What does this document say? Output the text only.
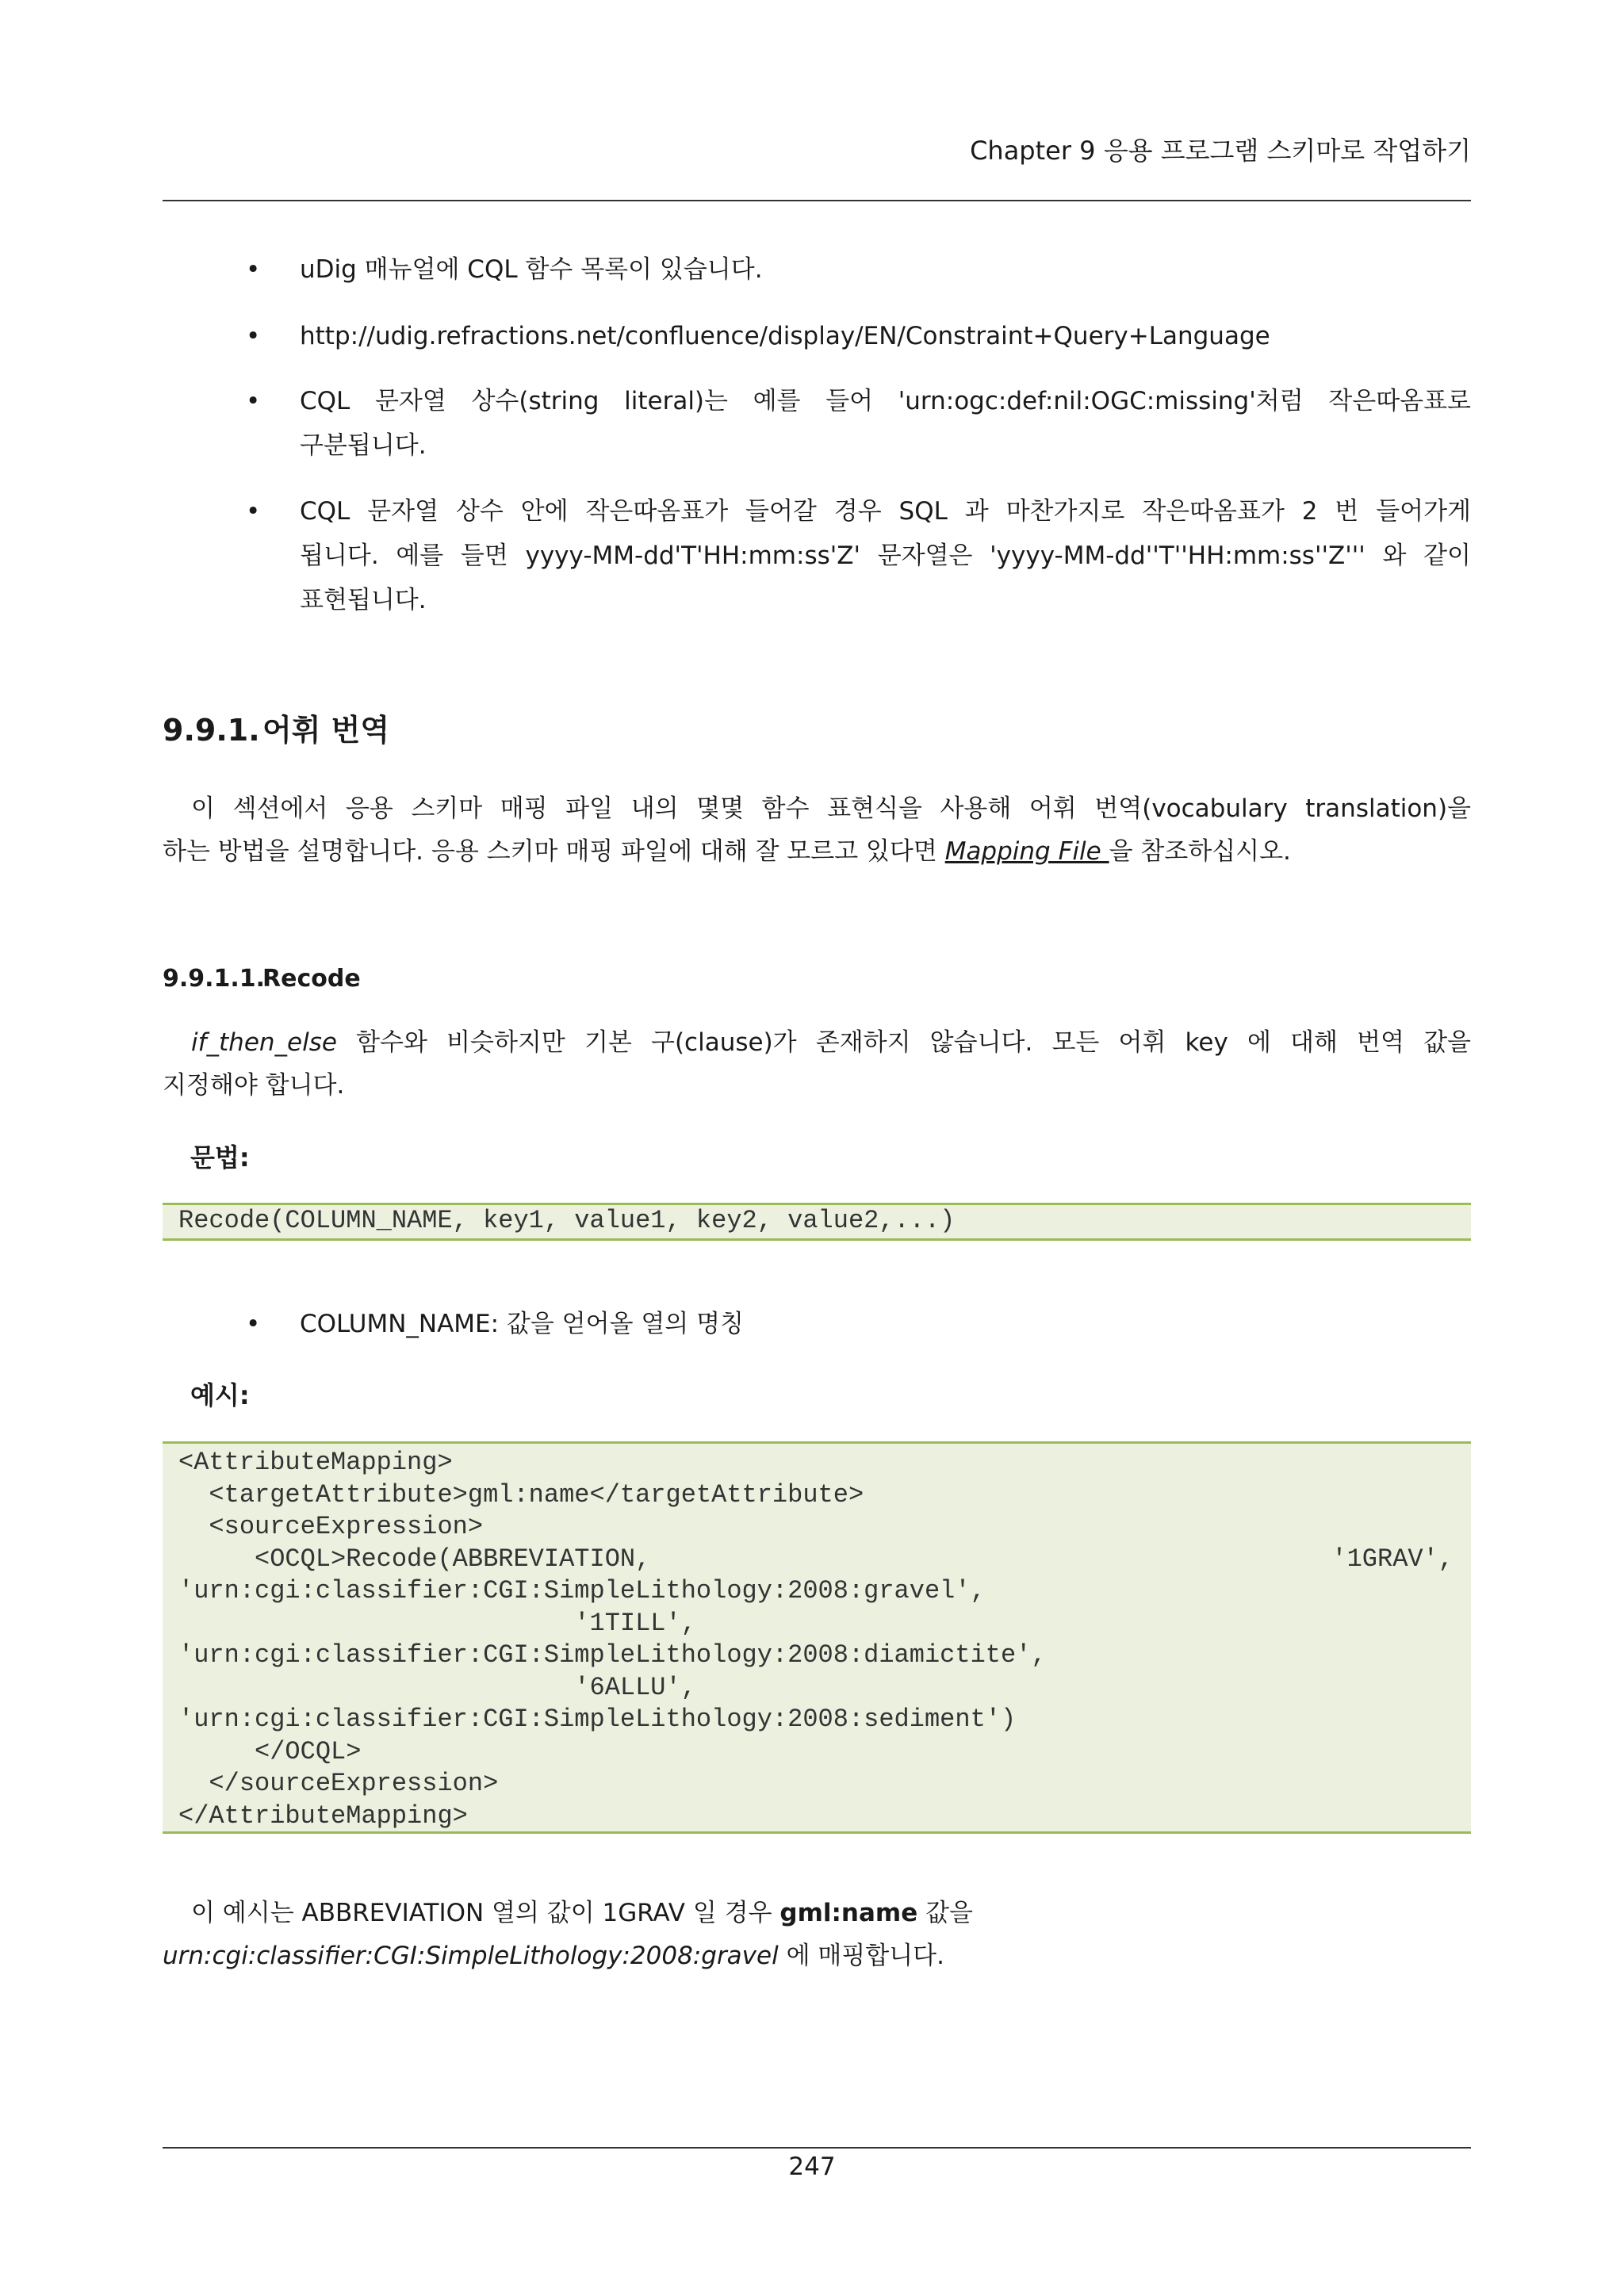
Chapter 9 응용 프로그램 스키마로 작업하기
• uDig 매뉴얼에 CQL 함수 목록이 있습니다.
• http://udig.refractions.net/confluence/display/EN/Constraint+Query+Language
• CQL 문자열 상수(string literal)는 예를 들어 'urn:ogc:def:nil:OGC:missing'처럼 작은따옴표로
구분됩니다.
• CQL 문자열 상수 안에 작은따옴표가 들어갈 경우 SQL 과 마찬가지로 작은따옴표가 2 번 들어가게
됩니다. 예를 들면 yyyy-MM-dd'T'HH:mm:ss'Z' 문자열은 'yyyy-MM-dd''T''HH:mm:ss''Z''' 와 같이
표현됩니다.
9.9.1.어휘 번역
이 섹션에서 응용 스키마 매핑 파일 내의 몇몇 함수 표현식을 사용해 어휘 번역(vocabulary translation)을
하는 방법을 설명합니다. 응용 스키마 매핑 파일에 대해 잘 모르고 있다면 Mapping File 을 참조하십시오.
9.9.1.1.Recode
if_then_else 함수와 비슷하지만 기본 구(clause)가 존재하지 않습니다. 모든 어휘 key 에 대해 번역 값을
지정해야 합니다.
문법:
Recode(COLUMN_NAME, key1, value1, key2, value2,...)
• COLUMN_NAME: 값을 얻어올 열의 명칭
예시:
<AttributeMapping>
<targetAttribute>gml:name</targetAttribute>
<sourceExpression>
<OCQL>Recode(ABBREVIATION,	'1GRAV',
'urn:cgi:classifier:CGI:SimpleLithology:2008:gravel',
'1TILL',
'urn:cgi:classifier:CGI:SimpleLithology:2008:diamictite',
'6ALLU',
'urn:cgi:classifier:CGI:SimpleLithology:2008:sediment')
</OCQL>
</sourceExpression>
</AttributeMapping>
이 예시는 ABBREVIATION 열의 값이 1GRAV 일 경우 gml:name 값을
urn:cgi:classifier:CGI:SimpleLithology:2008:gravel 에 매핑합니다.
247
